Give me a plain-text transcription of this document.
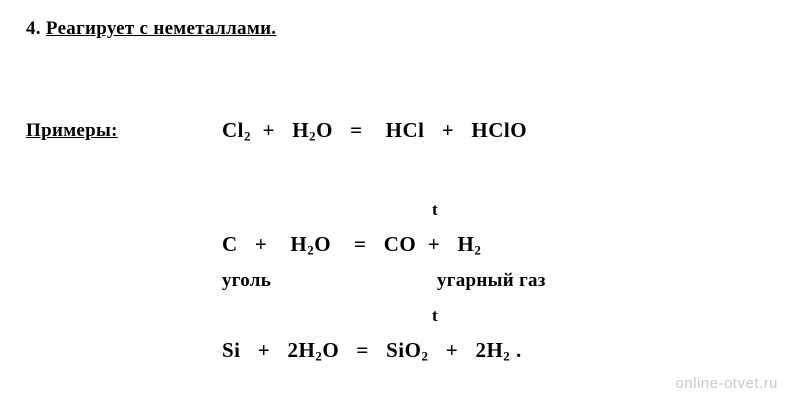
4. Реагирует с неметаллами.
Примеры:	$Cl_2 + H_2O$   =    HCl   +   HClO
t
C   +    $H_2O$    =   CO  +   $H_2$
уголь	угарный газ
t
$Si + 2H_2O = SiO_2 + 2H_2$ .
online-otvet.ru
